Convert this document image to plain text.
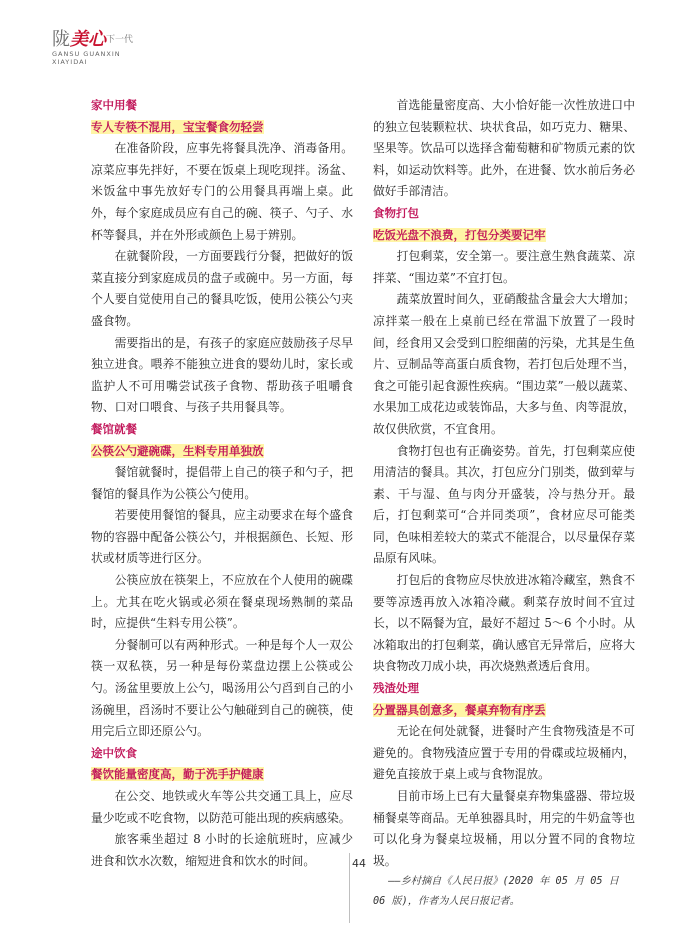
陇美心$^{下一代}$
GANSU GUANXIN
XIAYIDAI
家中用餐
专人专筷不混用，宝宝餐食勿轻尝

在准备阶段，应事先将餐具洗净、消毒备用。凉菜应事先拌好，不要在饭桌上现吃现拌。汤盆、米饭盆中事先放好专门的公用餐具再端上桌。此外，每个家庭成员应有自己的碗、筷子、勺子、水杯等餐具，并在外形或颜色上易于辨别。

在就餐阶段，一方面要践行分餐，把做好的饭菜直接分到家庭成员的盘子或碗中。另一方面，每个人要自觉使用自己的餐具吃饭，使用公筷公勺夹盛食物。

需要指出的是，有孩子的家庭应鼓励孩子尽早独立进食。喂养不能独立进食的婴幼儿时，家长或监护人不可用嘴尝试孩子食物、帮助孩子咀嚼食物、口对口喂食、与孩子共用餐具等。

餐馆就餐
公筷公勺避碗碟，生料专用单独放

餐馆就餐时，提倡带上自己的筷子和勺子，把餐馆的餐具作为公筷公勺使用。

若要使用餐馆的餐具，应主动要求在每个盛食物的容器中配备公筷公勺，并根据颜色、长短、形状或材质等进行区分。

公筷应放在筷架上，不应放在个人使用的碗碟上。尤其在吃火锅或必须在餐桌现场熟制的菜品时，应提供“生料专用公筷”。

分餐制可以有两种形式。一种是每个人一双公筷一双私筷，另一种是每份菜盘边摆上公筷或公勺。汤盆里要放上公勺，喝汤用公勺舀到自己的小汤碗里，舀汤时不要让公勺触碰到自己的碗筷，使用完后立即还原公勺。

途中饮食
餐饮能量密度高，勤于洗手护健康

在公交、地铁或火车等公共交通工具上，应尽量少吃或不吃食物，以防范可能出现的疾病感染。

旅客乘坐超过 8 小时的长途航班时，应减少进食和饮水次数，缩短进食和饮水的时间。

首选能量密度高、大小恰好能一次性放进口中的独立包装颗粒状、块状食品，如巧克力、糖果、坚果等。饮品可以选择含葡萄糖和矿物质元素的饮料，如运动饮料等。此外，在进餐、饮水前后务必做好手部清洁。

食物打包
吃饭光盘不浪费，打包分类要记牢

打包剩菜，安全第一。要注意生熟食蔬菜、凉拌菜、“围边菜”不宜打包。

蔬菜放置时间久，亚硝酸盐含量会大大增加；凉拌菜一般在上桌前已经在常温下放置了一段时间，经食用又会受到口腔细菌的污染，尤其是生鱼片、豆制品等高蛋白质食物，若打包后处理不当，食之可能引起食源性疾病。“围边菜”一般以蔬菜、水果加工成花边或装饰品，大多与鱼、肉等混放，故仅供欣赏，不宜食用。

食物打包也有正确姿势。首先，打包剩菜应使用清洁的餐具。其次，打包应分门别类，做到荤与素、干与湿、鱼与肉分开盛装，冷与热分开。最后，打包剩菜可“合并同类项”，食材应尽可能类同，色味相差较大的菜式不能混合，以尽量保存菜品原有风味。

打包后的食物应尽快放进冰箱冷藏室，熟食不要等凉透再放入冰箱冷藏。剩菜存放时间不宜过长，以不隔餐为宜，最好不超过 5～6 个小时。从冰箱取出的打包剩菜，确认感官无异常后，应将大块食物改刀成小块，再次烧熟煮透后食用。

残渣处理
分置器具创意多，餐桌弃物有序丢

无论在何处就餐，进餐时产生食物残渣是不可避免的。食物残渣应置于专用的骨碟或垃圾桶内，避免直接放于桌上或与食物混放。

目前市场上已有大量餐桌弃物集盛器、带垃圾桶餐桌等商品。无单独器具时，用完的牛奶盒等也可以化身为餐桌垃圾桶，用以分置不同的食物垃圾。

——乡村摘自《人民日报》(2020 年 05 月 05 日　06 版)，作者为人民日报记者。

44
